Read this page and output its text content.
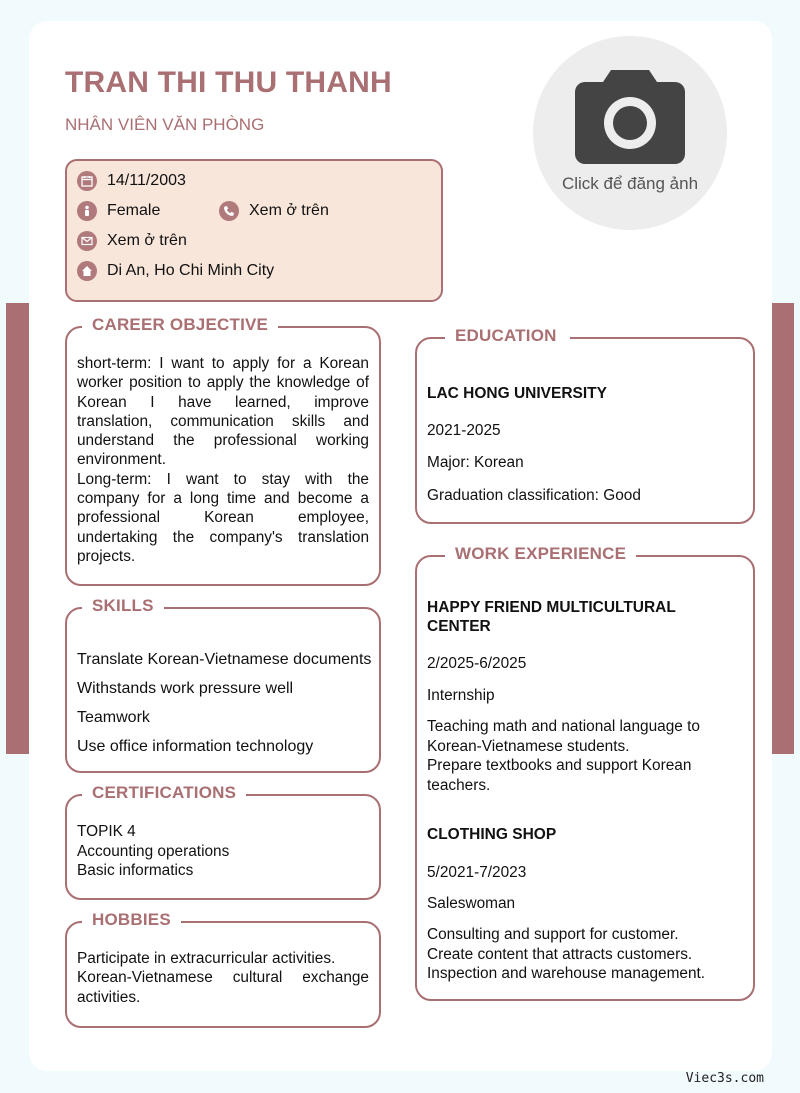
TRAN THI THU THANH
NHÂN VIÊN VĂN PHÒNG
Click để đăng ảnh
14/11/2003
Female	Xem ở trên
Xem ở trên
Di An, Ho Chi Minh City
CAREER OBJECTIVE
short-term: I want to apply for a Korean worker position to apply the knowledge of Korean I have learned, improve translation, communication skills and understand the professional working environment.
Long-term: I want to stay with the company for a long time and become a professional Korean employee, undertaking the company's translation projects.
SKILLS
Translate Korean-Vietnamese documents
Withstands work pressure well
Teamwork
Use office information technology
CERTIFICATIONS
TOPIK 4
Accounting operations
Basic informatics
HOBBIES
Participate in extracurricular activities.
Korean-Vietnamese cultural exchange activities.
EDUCATION
LAC HONG UNIVERSITY
2021-2025
Major: Korean
Graduation classification: Good
WORK EXPERIENCE
HAPPY FRIEND MULTICULTURAL CENTER
2/2025-6/2025
Internship
Teaching math and national language to Korean-Vietnamese students.
Prepare textbooks and support Korean teachers.
CLOTHING SHOP
5/2021-7/2023
Saleswoman
Consulting and support for customer.
Create content that attracts customers.
Inspection and warehouse management.
Viec3s.com
